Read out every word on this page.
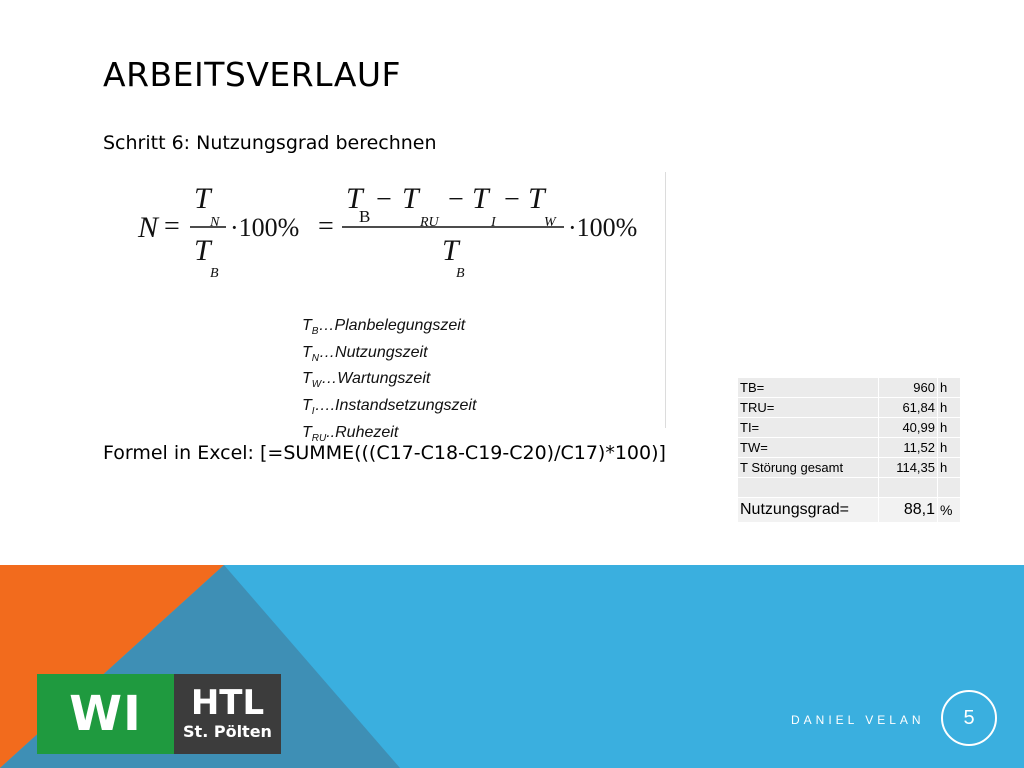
ARBEITSVERLAUF
Schritt 6: Nutzungsgrad berechnen
N =
T
N
T
B
·100% =
T
B
− T
RU
− T
I
− T
W
T
B
·100%
$T_B\dots Planbelegungszeit$
$T_N\dots Nutzungszeit$
$T_W\dots Wartungszeit$
$T_I\dots.Instandsetzungszeit$
$T_{RU}..Ruhezeit$
Formel in Excel: [=SUMME(((C17-C18-C19-C20)/C17)*100)]
TB=	960	h
TRU=	61,84	h
TI=	40,99	h
TW=	11,52	h
T Störung gesamt	114,35	h

Nutzungsgrad=	88,1	%
WI	HTL
St. Pölten
DANIEL VELAN	5
